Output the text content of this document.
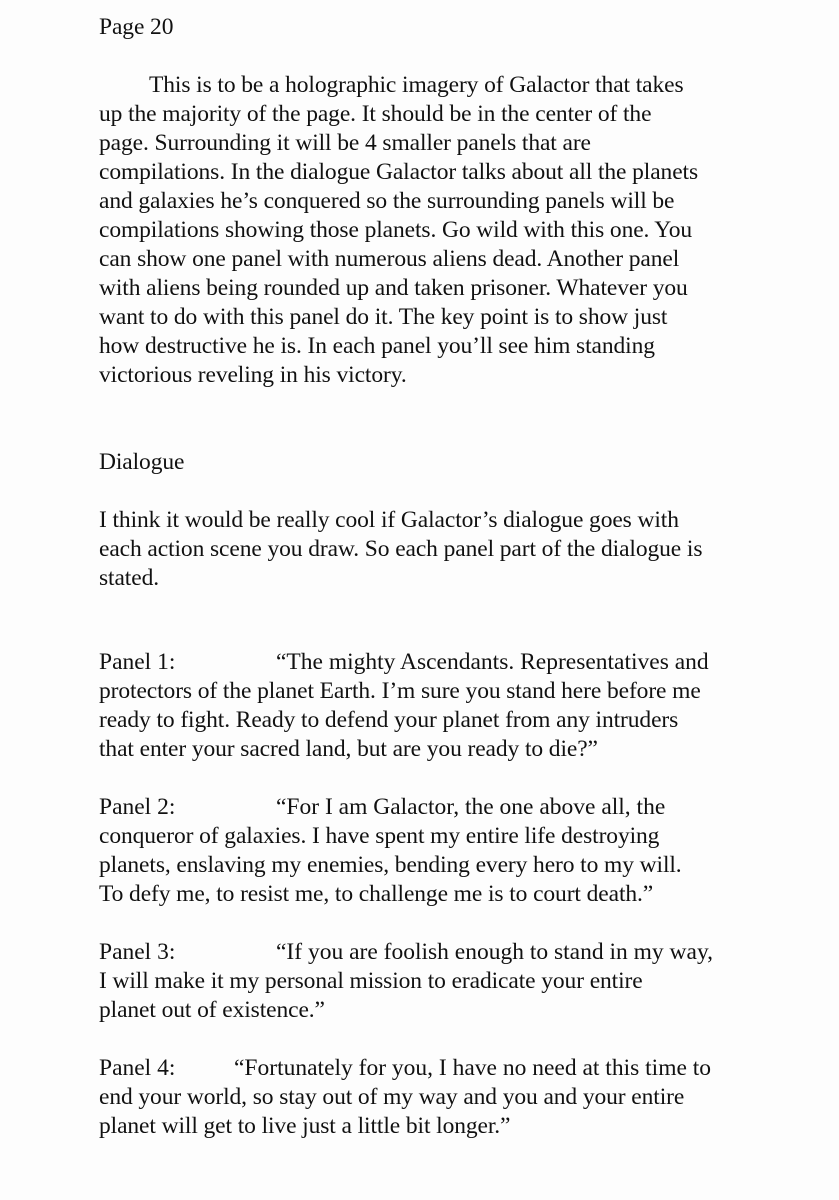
Page 20
This is to be a holographic imagery of Galactor that takes
up the majority of the page. It should be in the center of the
page. Surrounding it will be 4 smaller panels that are
compilations. In the dialogue Galactor talks about all the planets
and galaxies he’s conquered so the surrounding panels will be
compilations showing those planets. Go wild with this one. You
can show one panel with numerous aliens dead. Another panel
with aliens being rounded up and taken prisoner. Whatever you
want to do with this panel do it. The key point is to show just
how destructive he is. In each panel you’ll see him standing
victorious reveling in his victory.
Dialogue
I think it would be really cool if Galactor’s dialogue goes with
each action scene you draw. So each panel part of the dialogue is
stated.
Panel 1:	“The mighty Ascendants. Representatives and
protectors of the planet Earth. I’m sure you stand here before me
ready to fight. Ready to defend your planet from any intruders
that enter your sacred land, but are you ready to die?”
Panel 2:	“For I am Galactor, the one above all, the
conqueror of galaxies. I have spent my entire life destroying
planets, enslaving my enemies, bending every hero to my will.
To defy me, to resist me, to challenge me is to court death.”
Panel 3:	“If you are foolish enough to stand in my way,
I will make it my personal mission to eradicate your entire
planet out of existence.”
Panel 4: “Fortunately for you, I have no need at this time to
end your world, so stay out of my way and you and your entire
planet will get to live just a little bit longer.”
